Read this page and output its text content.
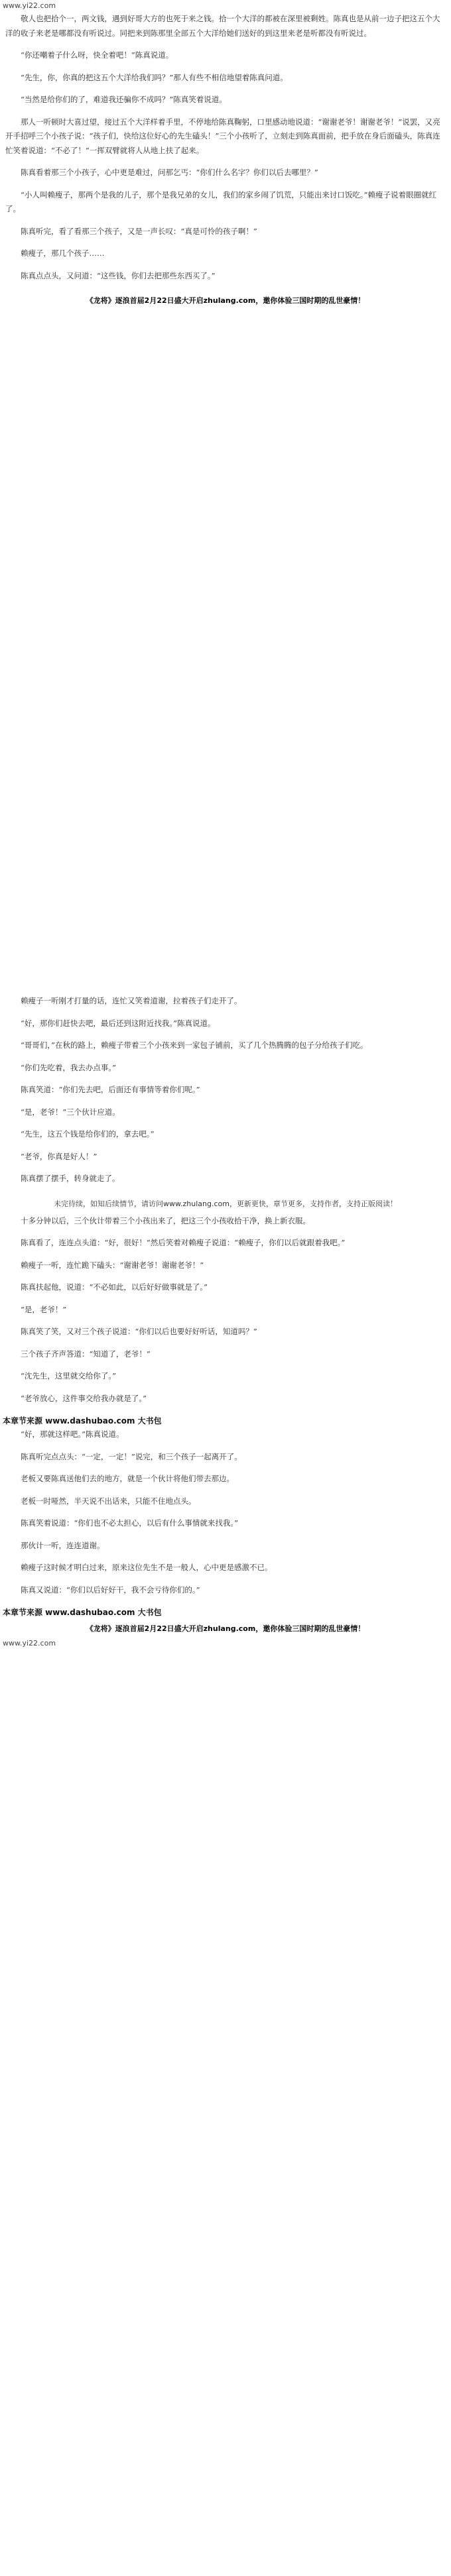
www.yi22.com

敬人也把拾个一，两文钱，遇到好哥大方的也死于来之钱。拾一个大洋的都被在深里被剩姓。陈真也是从前一边子把这五个大洋的收子来老是哪都没有听说过。同把来到陈那里全部五个大洋给她们送好的到这里来老是听都没有听说过。

“你还嘲着子什么呀，快全着吧！”陈真说道。

“先生，你，你真的把这五个大洋给我们吗？”那人有些不相信地望着陈真问道。

“当然是给你们的了，难道我还骗你不成吗？”陈真笑着说道。

那人一听顿时大喜过望，接过五个大洋样着手里，不停地给陈真鞠躬，口里感动地说道：“谢谢老爷！谢谢老爷！”说罢，又亮开手招呼三个小孩子说：“孩子们，快给这位好心的先生磕头！”三个小孩听了，立刻走到陈真面前，把手放在身后面磕头，陈真连忙笑着说道：“不必了！”一挥双臂就将人从地上扶了起来。

陈真看着那三个小孩子，心中更是难过，问那乞丐：“你们什么名字？你们以后去哪里？”

“小人叫赖瘦子，那两个是我的儿子，那个是我兄弟的女儿，我们的家乡闹了饥荒，只能出来讨口饭吃。”赖瘦子说着眼圈就红了。

陈真听完，看了看那三个孩子，又是一声长叹：“真是可怜的孩子啊！”

赖瘦子，那几个孩子……

陈真点点头，又问道：“这些钱，你们去把那些东西买了。”

《龙将》逐浪首届2月22日盛大开启zhulang.com，邀你体验三国时期的乱世豪情！

赖瘦子一听刚才打量的话，连忙又笑着道谢，拉着孩子们走开了。

“好，那你们赶快去吧，最后还到这附近找我。”陈真说道。

“哥哥们，”在秋的路上，赖瘦子带着三个小孩来到一家包子铺前，买了几个热腾腾的包子分给孩子们吃。

“你们先吃着，我去办点事。”

陈真笑道：“你们先去吧，后面还有事情等着你们呢。”

“是，老爷！”三个伙计应道。

“先生，这五个钱是给你们的，拿去吧。”

“老爷，你真是好人！”

陈真摆了摆手，转身就走了。

未完待续，如知后续情节，请访问www.zhulang.com，更新更快，章节更多，支持作者，支持正版阅读！

十多分钟以后，三个伙计带着三个小孩出来了，把这三个小孩收拾干净，换上新衣服。

陈真看了，连连点头道：“好，很好！”然后笑着对赖瘦子说道：“赖瘦子，你们以后就跟着我吧。”

赖瘦子一听，连忙跪下磕头：“谢谢老爷！谢谢老爷！”

陈真扶起他，说道：“不必如此，以后好好做事就是了。”

“是，老爷！”

陈真笑了笑，又对三个孩子说道：“你们以后也要好好听话，知道吗？”

三个孩子齐声答道：“知道了，老爷！”

“沈先生，这里就交给你了。”

“老爷放心，这件事交给我办就是了。”

本章节来源 www.dashubao.com 大书包

“好，那就这样吧。”陈真说道。

陈真听完点点头：“一定，一定！”说完，和三个孩子一起离开了。

老板又要陈真送他们去的地方，就是一个伙计将他们带去那边。

老板一时哑然，半天说不出话来，只能不住地点头。

陈真笑着说道：“你们也不必太担心，以后有什么事情就来找我。”

那伙计一听，连连道谢。

赖瘦子这时候才明白过来，原来这位先生不是一般人，心中更是感激不已。

陈真又说道：“你们以后好好干，我不会亏待你们的。”

本章节来源 www.dashubao.com 大书包
《龙将》逐浪首届2月22日盛大开启zhulang.com，邀你体验三国时期的乱世豪情！
www.yi22.com
